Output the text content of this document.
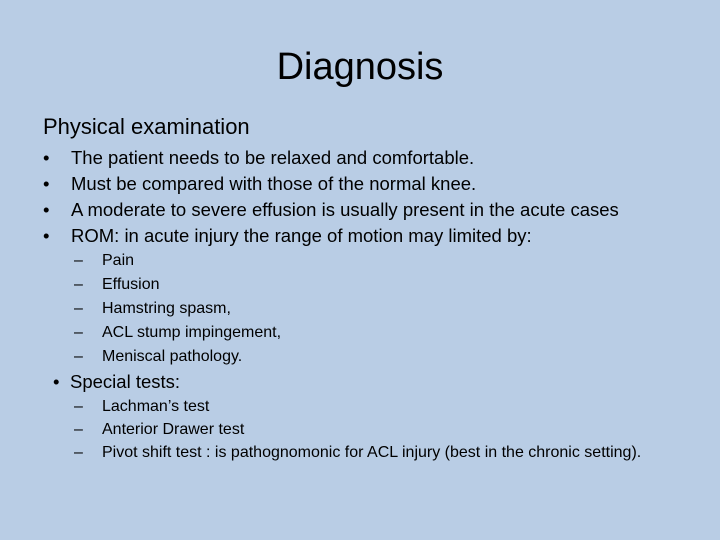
Diagnosis
Physical examination
•	The patient needs to be relaxed and comfortable.
•	Must be compared with those of the normal knee.
•	A moderate to severe effusion is usually present in the acute cases
•	ROM: in acute injury the range of motion may limited by:
– Pain
– Effusion
– Hamstring spasm,
– ACL stump impingement,
– Meniscal pathology.
• Special tests:
– Lachman’s test
– Anterior Drawer test
– Pivot shift test : is pathognomonic for ACL injury (best in the chronic setting).
